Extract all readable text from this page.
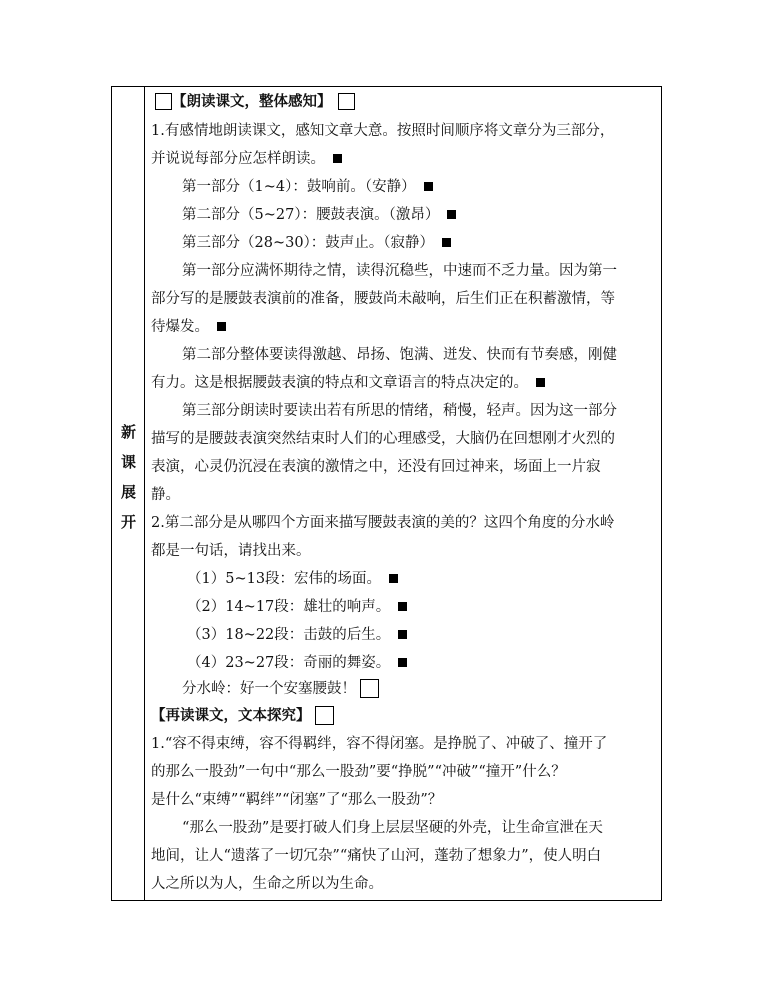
新
课
展
开
【朗读课文，整体感知】
1.有感情地朗读课文，感知文章大意。按照时间顺序将文章分为三部分，
并说说每部分应怎样朗读。
第一部分（1~4）：鼓响前。（安静）
第二部分（5~27）：腰鼓表演。（激昂）
第三部分（28~30）：鼓声止。（寂静）
第一部分应满怀期待之情，读得沉稳些，中速而不乏力量。因为第一
部分写的是腰鼓表演前的准备，腰鼓尚未敲响，后生们正在积蓄激情，等
待爆发。
第二部分整体要读得激越、昂扬、饱满、迸发、快而有节奏感，刚健
有力。这是根据腰鼓表演的特点和文章语言的特点决定的。
第三部分朗读时要读出若有所思的情绪，稍慢，轻声。因为这一部分
描写的是腰鼓表演突然结束时人们的心理感受，大脑仍在回想刚才火烈的
表演，心灵仍沉浸在表演的激情之中，还没有回过神来，场面上一片寂
静。
2.第二部分是从哪四个方面来描写腰鼓表演的美的？这四个角度的分水岭
都是一句话，请找出来。
（1）5~13段：宏伟的场面。
（2）14~17段：雄壮的响声。
（3）18~22段：击鼓的后生。
（4）23~27段：奇丽的舞姿。
分水岭：好一个安塞腰鼓！
【再读课文，文本探究】
1.“容不得束缚，容不得羁绊，容不得闭塞。是挣脱了、冲破了、撞开了
的那么一股劲”一句中“那么一股劲”要“挣脱”“冲破”“撞开”什么？
是什么“束缚”“羁绊”“闭塞”了“那么一股劲”？
“那么一股劲”是要打破人们身上层层坚硬的外壳，让生命宣泄在天
地间，让人“遗落了一切冗杂”“痛快了山河，蓬勃了想象力”，使人明白
人之所以为人，生命之所以为生命。
